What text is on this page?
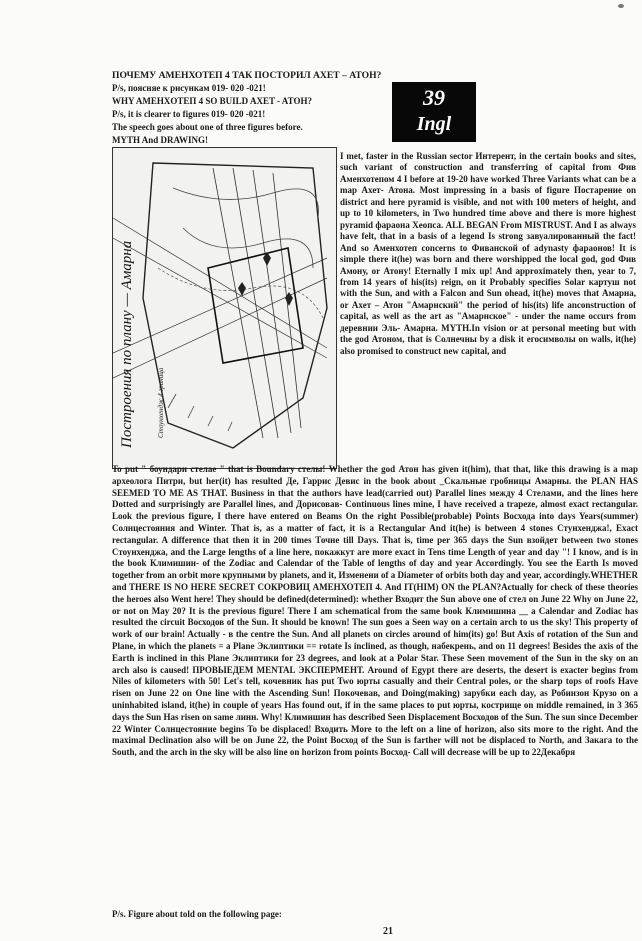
ПОЧЕМУ АМЕНХОТЕП 4 ТАК ПОСТОРИЛ АХЕТ – АТОН?
P/s, поясняе к рисункам 019- 020 -021!
WHY AMEHXOTEП 4 SO BUILD AXET - ATOH?
P/s, it is clearer to figures 019- 020 -021!
The speech goes about one of three figures before.
MYTH And DRAWING!
39
Ingl
Построения по плану — Амарна	Стоунхендж 4 граница
I met, faster in the Russian sector Интерент, in the certain books and sites, such variant of construction and transferring of capital from Фив Аменхотепом 4 I before at 19-20 have worked Three Variants what can be a map Ахет- Атона. Most impressing in a basis of figure Постарение on district and here pyramid is visible, and not with 100 meters of height, and up to 10 kilometers, in Two hundred time above and there is more highest pyramid фараона Хеопса. ALL BEGAN From MISTRUST. And I as always have felt, that in a basis of a legend Is strong завуалированный the fact! And so Аменхотеп concerns to Фиванской of adynasty фараонов! It is simple there it(he) was born and there worshipped the local god, god Фив Амону, or Атону! Eternally I mix up! And approximately then, year to 7, from 14 years of his(its) reign, on it Probably specifies Solar картуш not with the Sun, and with a Falcon and Sun ohead, it(he) moves that Амарна, or Ахет – Атон "Амарнский" the period of his(its) life anconstruction of capital, as well as the art as "Амарнское" - under the name occurs from деревнии Эль- Амарна. MYTH.In vision or at personal meeting but with the god Атоном, that is Солнечны by a disk it егосимволы on walls, it(he) also promised to construct new capital, and
To put " боундари стелае " that is Boundary стелы! Whether the god Атон has given it(him), that that, like this drawing is a map археолога Питри, but her(it) has resulted Де, Гаррис Девис in the book about _Скальные гробницы Амарны. the PLAN HAS SEEMED TO ME AS THAT. Business in that the authors have lead(carried out) Parallel lines междy 4 Стелами, and the lines here Dotted and surprisingly are Parallel lines, and Дорисовав- Continuous lines mine, I have received a trapeze, almost exact rectangular. Look the previous figure, I there have entered on Beams On the right Possible(probable) Points Восхода into days Years(summer) Солнцестояния and Winter. That is, as a matter of fact, it is a Rectangular And it(he) is between 4 stones Стунхенджа!, Exact rectangular. A difference that then it in 200 times Точне till Days. That is, time per 365 days the Sun взойдет between two stones Стоунхенджа, and the Large lengths of a line here, покажкут are more exact in Tens time Length of year and day "! I know, and is in the book Климишин- of the Zodiac and Calendar of the Table of lengths of day and year Accordingly. You see the Earth Is moved together from an orbit more крупными by planets, and it, Изменени of a Diameter of orbits both day and year, accordingly.WHETHER and THERE IS NO HERE SECRET СОКРОВИЦ АМЕНХОТЕП 4. And IT(HIM) ON the PLAN?Actually for check of these theories the heroes also Went here! They should be defined(determined): whether Входит the Sun above one of стел on June 22 Why on June 22, or not on May 20? It is the previous figure! There I am schematical from the same book Климишина __ a Calendar and Zodiac has resulted the circuit Восходов of the Sun. It should be known! The sun goes a Seen way on a certain arch to us the sky! This property of work of our brain! Actually - в the centre the Sun. And all planets on circles around of him(its) go! But Axis of rotation of the Sun and Plane, in which the planets = a Plane Эклиптики == rotate Is inclined, as though, набекрень, and on 11 degrees! Besides the axis of the Earth is inclined in this Plane Эклиптики for 23 degrees, and look at a Polar Star. These Seen movement of the Sun in the sky on an arch also is caused! ПРОВЫЕДЕМ MENTAL ЭКСПЕРМЕНТ. Around of Egypt there are deserts, the desert is exacter begins from Niles of kilometers with 50! Let's tell, кочевник has put Two юрты casually and their Central poles, or the sharp tops of roofs Have risen on June 22 on One line with the Ascending Sun! Покочевав, and Doing(making) зарубки each day, as Робинзон Крузо on a uninhabited island, it(he) in couple of years Has found out, if in the same places to put юрты, кострище on middle remained, in 3 365 days the Sun Has risen on same линн. Why! Климишин has described Seen Displacement Восходов of the Sun. The sun since December 22 Winter Солнцестояние begins To be displaced! Входить More to the left on a line of horizon, also sits more to the right. And the maximal Declination also will be on June 22, the Point Восход of the Sun is farther will not be displaced to North, and Закага to the South, and the arch in the sky will be also line on horizon from points Восход- Call will decrease will be up to 22Декабря
P/s. Figure about told on the following page:
21
